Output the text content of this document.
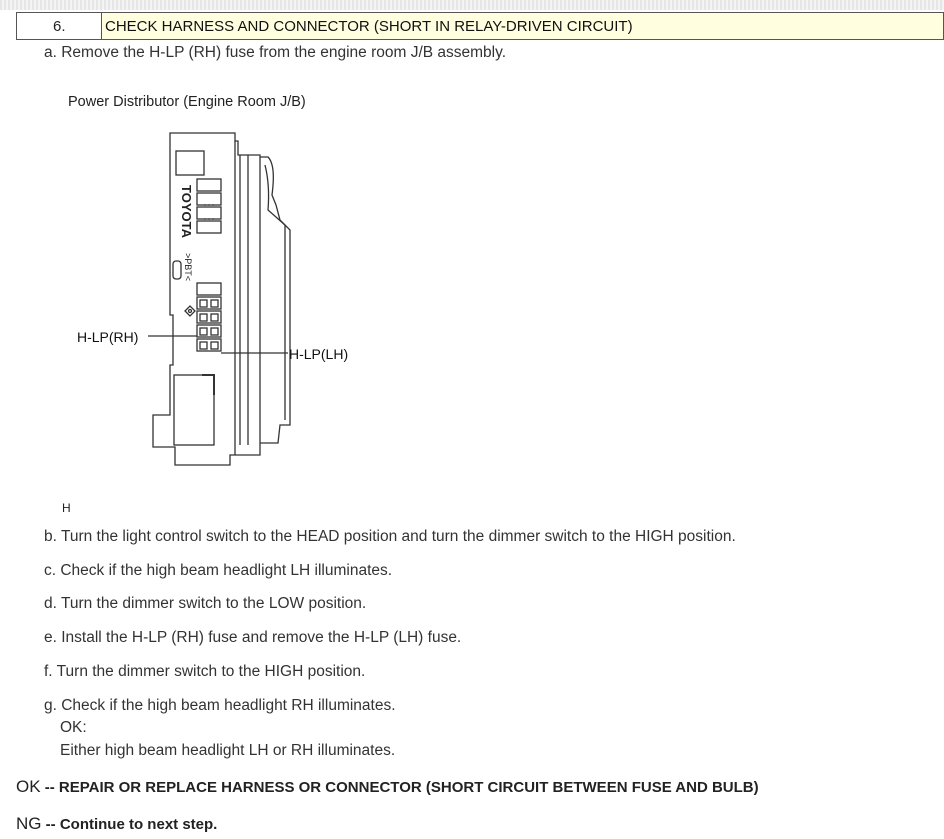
6.	CHECK HARNESS AND CONNECTOR (SHORT IN RELAY-DRIVEN CIRCUIT)
a. Remove the H-LP (RH) fuse from the engine room J/B assembly.
Power Distributor (Engine Room J/B)
TOYOTA
>PBT<
H-LP(RH)
H-LP(LH)
H
b. Turn the light control switch to the HEAD position and turn the dimmer switch to the HIGH position.
c. Check if the high beam headlight LH illuminates.
d. Turn the dimmer switch to the LOW position.
e. Install the H-LP (RH) fuse and remove the H-LP (LH) fuse.
f. Turn the dimmer switch to the HIGH position.
g. Check if the high beam headlight RH illuminates.
OK:
Either high beam headlight LH or RH illuminates.
OK -- REPAIR OR REPLACE HARNESS OR CONNECTOR (SHORT CIRCUIT BETWEEN FUSE AND BULB)
NG -- Continue to next step.
